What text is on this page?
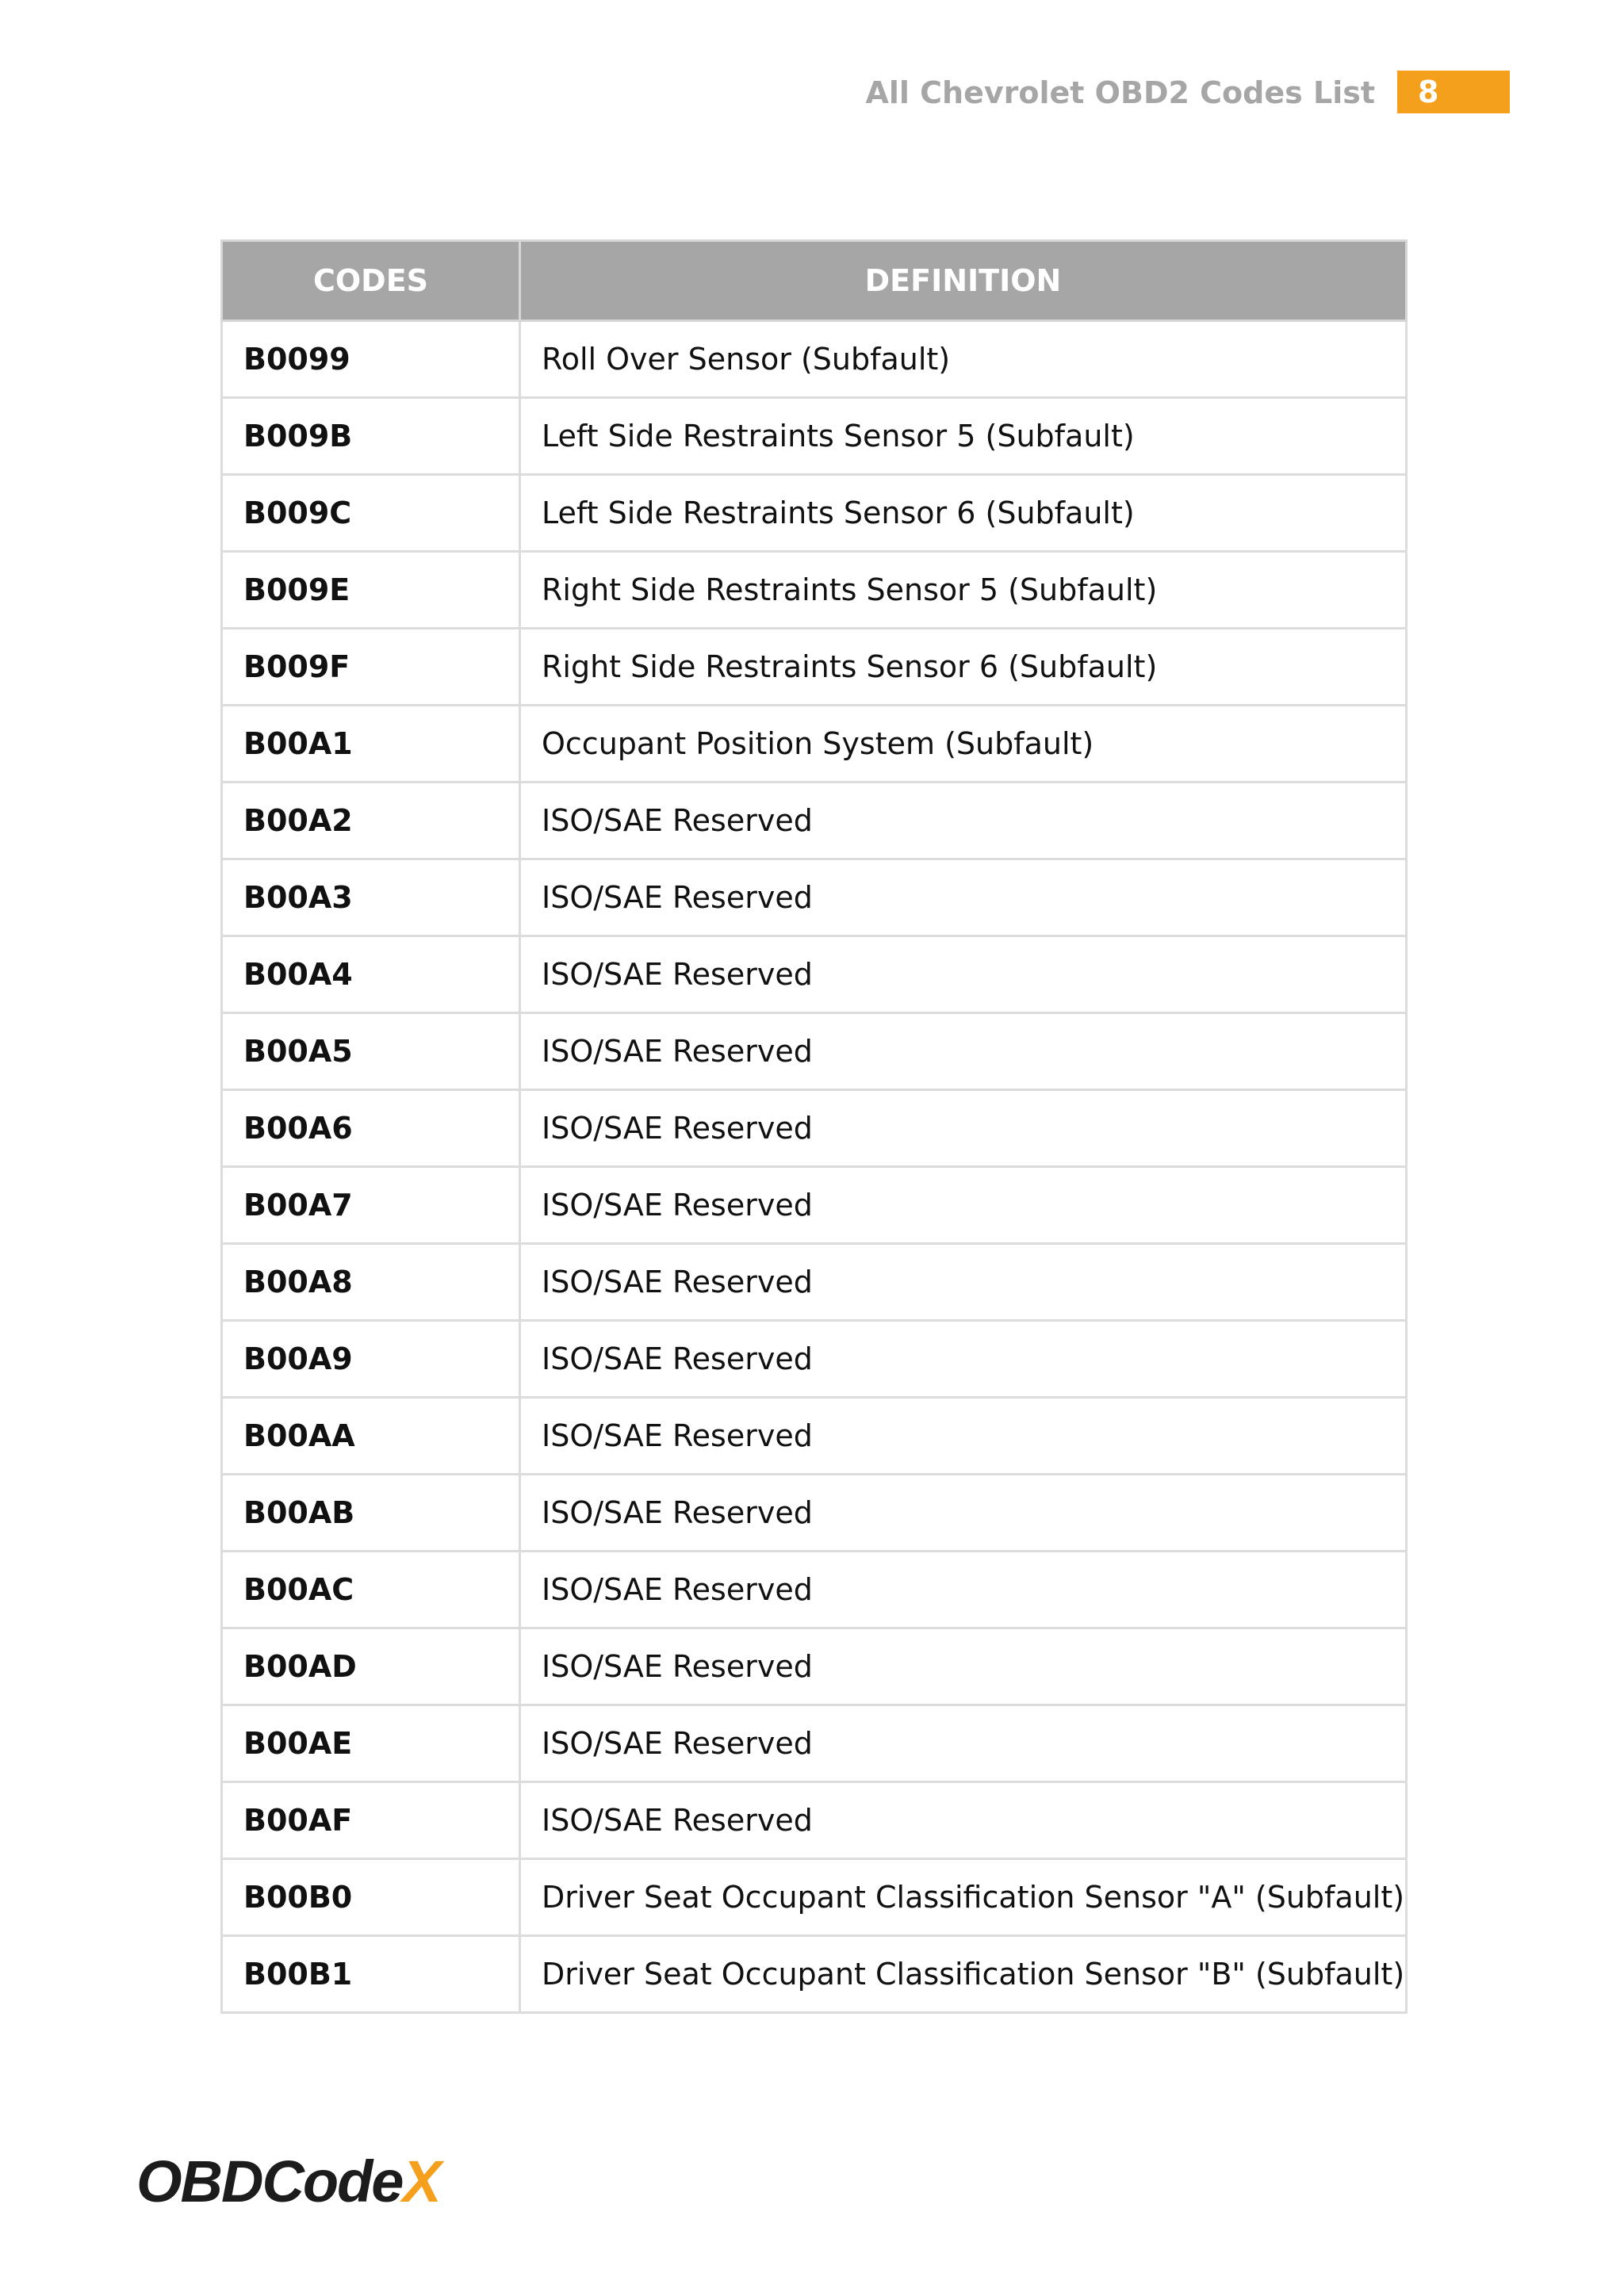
All Chevrolet OBD2 Codes List	8
CODES	DEFINITION
B0099	Roll Over Sensor (Subfault)
B009B	Left Side Restraints Sensor 5 (Subfault)
B009C	Left Side Restraints Sensor 6 (Subfault)
B009E	Right Side Restraints Sensor 5 (Subfault)
B009F	Right Side Restraints Sensor 6 (Subfault)
B00A1	Occupant Position System (Subfault)
B00A2	ISO/SAE Reserved
B00A3	ISO/SAE Reserved
B00A4	ISO/SAE Reserved
B00A5	ISO/SAE Reserved
B00A6	ISO/SAE Reserved
B00A7	ISO/SAE Reserved
B00A8	ISO/SAE Reserved
B00A9	ISO/SAE Reserved
B00AA	ISO/SAE Reserved
B00AB	ISO/SAE Reserved
B00AC	ISO/SAE Reserved
B00AD	ISO/SAE Reserved
B00AE	ISO/SAE Reserved
B00AF	ISO/SAE Reserved
B00B0	Driver Seat Occupant Classification Sensor "A" (Subfault)
B00B1	Driver Seat Occupant Classification Sensor "B" (Subfault)
OBDCodeX
